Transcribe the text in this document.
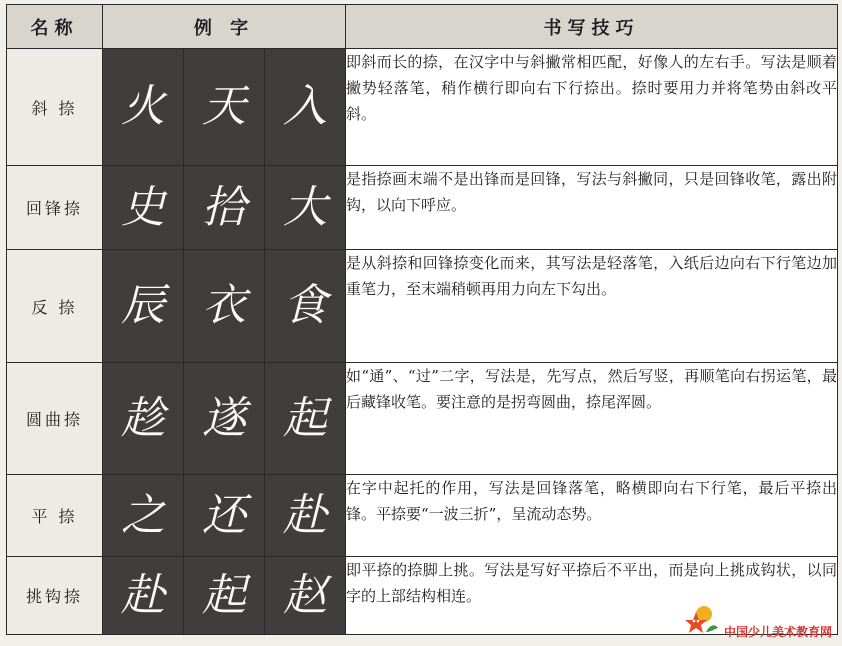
名称	例 字			书写技巧
斜 捺	火	天	入	即斜而长的捺，在汉字中与斜撇常相匹配，好像人的左右手。写法是顺着撇势轻落笔，稍作横行即向右下行捺出。捺时要用力并将笔势由斜改平斜。
回锋捺	史	拾	大	是指捺画末端不是出锋而是回锋，写法与斜撇同，只是回锋收笔，露出附钩，以向下呼应。
反 捺	辰	衣	食	是从斜捺和回锋捺变化而来，其写法是轻落笔，入纸后边向右下行笔边加重笔力，至末端稍顿再用力向左下勾出。
圆曲捺	趁	遂	起	如“通”、“过”二字，写法是，先写点，然后写竖，再顺笔向右拐运笔，最后藏锋收笔。要注意的是拐弯圆曲，捺尾浑圆。
平 捺	之	还	赴	在字中起托的作用，写法是回锋落笔，略横即向右下行笔，最后平捺出锋。平捺要“一波三折”，呈流动态势。
挑钩捺	赴	起	赵	即平捺的捺脚上挑。写法是写好平捺后不平出，而是向上挑成钩状，以同字的上部结构相连。
中国少儿美术教育网
